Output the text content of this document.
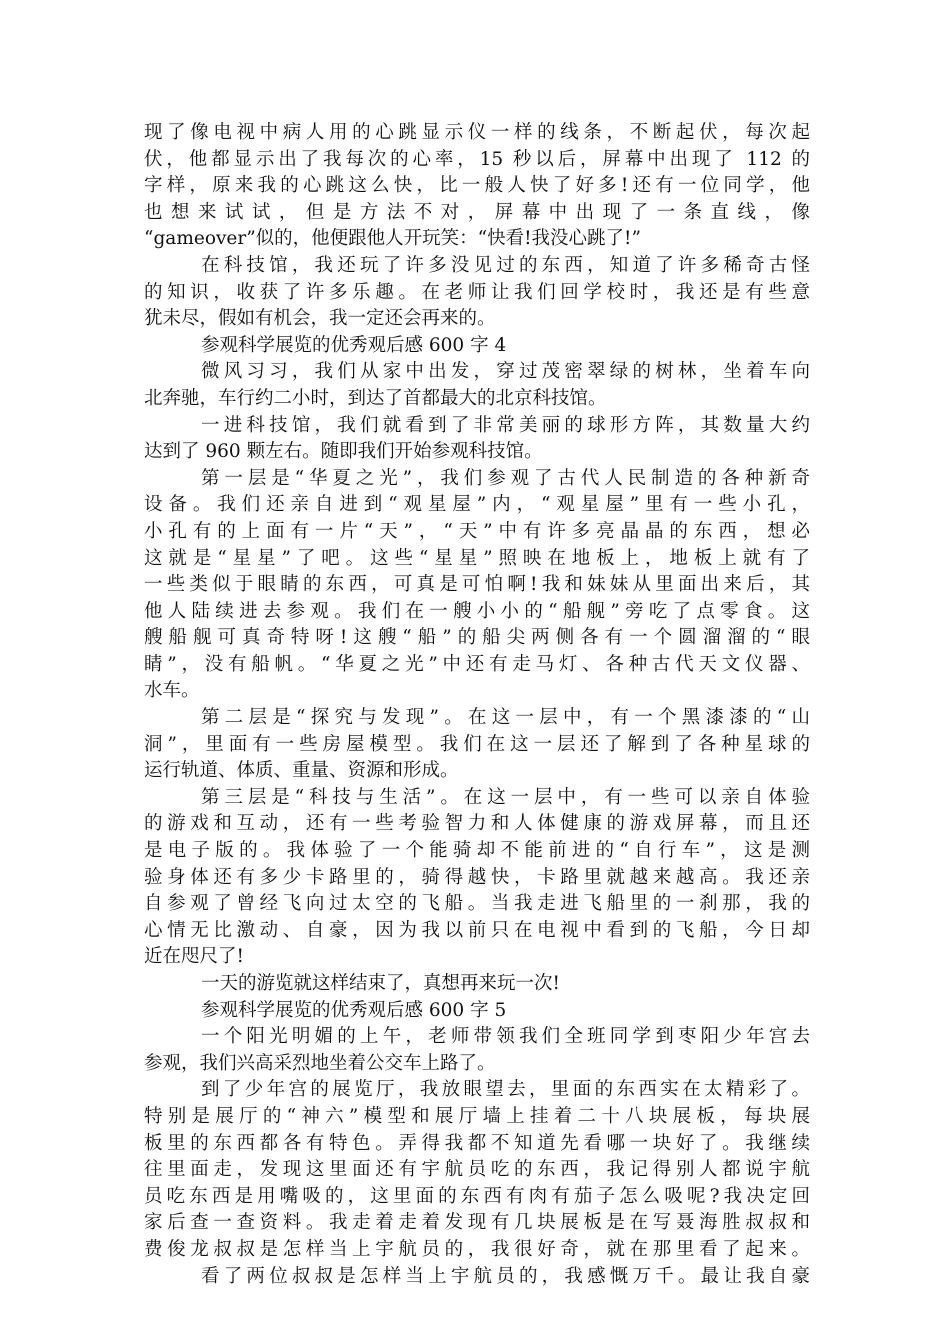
现了像电视中病人用的心跳显示仪一样的线条，不断起伏，每次起
伏，他都显示出了我每次的心率，15 秒以后，屏幕中出现了 112 的
字样，原来我的心跳这么快，比一般人快了好多!还有一位同学，他
也 想 来 试 试 ， 但 是 方 法 不 对 ， 屏 幕 中 出 现 了 一 条 直 线 ， 像
“gameover”似的，他便跟他人开玩笑：“快看!我没心跳了!”
在科技馆，我还玩了许多没见过的东西，知道了许多稀奇古怪
的知识，收获了许多乐趣。在老师让我们回学校时，我还是有些意
犹未尽，假如有机会，我一定还会再来的。
参观科学展览的优秀观后感 600 字 4
微风习习，我们从家中出发，穿过茂密翠绿的树林，坐着车向
北奔驰，车行约二小时，到达了首都最大的北京科技馆。
一进科技馆，我们就看到了非常美丽的球形方阵，其数量大约
达到了 960 颗左右。随即我们开始参观科技馆。
第一层是“华夏之光”，我们参观了古代人民制造的各种新奇
设备。我们还亲自进到“观星屋”内，“观星屋”里有一些小孔，
小孔有的上面有一片“天”，“天”中有许多亮晶晶的东西，想必
这就是“星星”了吧。这些“星星”照映在地板上，地板上就有了
一些类似于眼睛的东西，可真是可怕啊!我和妹妹从里面出来后，其
他人陆续进去参观。我们在一艘小小的“船舰”旁吃了点零食。这
艘船舰可真奇特呀!这艘“船”的船尖两侧各有一个圆溜溜的“眼
睛”，没有船帆。“华夏之光”中还有走马灯、各种古代天文仪器、
水车。
第二层是“探究与发现”。在这一层中，有一个黑漆漆的“山
洞”，里面有一些房屋模型。我们在这一层还了解到了各种星球的
运行轨道、体质、重量、资源和形成。
第三层是“科技与生活”。在这一层中，有一些可以亲自体验
的游戏和互动，还有一些考验智力和人体健康的游戏屏幕，而且还
是电子版的。我体验了一个能骑却不能前进的“自行车”，这是测
验身体还有多少卡路里的，骑得越快，卡路里就越来越高。我还亲
自参观了曾经飞向过太空的飞船。当我走进飞船里的一刹那，我的
心情无比激动、自豪，因为我以前只在电视中看到的飞船，今日却
近在咫尺了!
一天的游览就这样结束了，真想再来玩一次!
参观科学展览的优秀观后感 600 字 5
一个阳光明媚的上午，老师带领我们全班同学到枣阳少年宫去
参观，我们兴高采烈地坐着公交车上路了。
到了少年宫的展览厅，我放眼望去，里面的东西实在太精彩了。
特别是展厅的“神六”模型和展厅墙上挂着二十八块展板，每块展
板里的东西都各有特色。弄得我都不知道先看哪一块好了。我继续
往里面走，发现这里面还有宇航员吃的东西，我记得别人都说宇航
员吃东西是用嘴吸的，这里面的东西有肉有茄子怎么吸呢?我决定回
家后查一查资料。我走着走着发现有几块展板是在写聂海胜叔叔和
费俊龙叔叔是怎样当上宇航员的，我很好奇，就在那里看了起来。
看了两位叔叔是怎样当上宇航员的，我感慨万千。最让我自豪
